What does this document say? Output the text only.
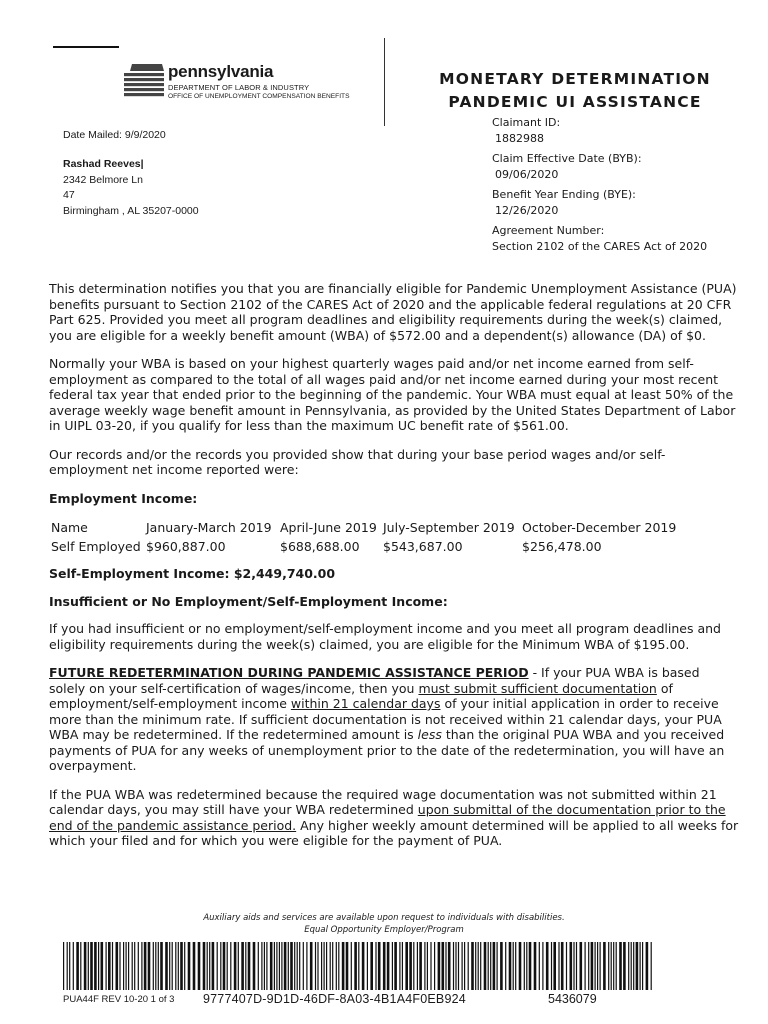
pennsylvania
DEPARTMENT OF LABOR & INDUSTRY
OFFICE OF UNEMPLOYMENT COMPENSATION BENEFITS
MONETARY DETERMINATION
PANDEMIC UI ASSISTANCE
Date Mailed: 9/9/2020
Rashad Reeves|
2342 Belmore Ln
47
Birmingham , AL 35207-0000
Claimant ID:
1882988
Claim Effective Date (BYB):
09/06/2020
Benefit Year Ending (BYE):
12/26/2020
Agreement Number:
Section 2102 of the CARES Act of 2020

This determination notifies you that you are financially eligible for Pandemic Unemployment Assistance (PUA) benefits pursuant to Section 2102 of the CARES Act of 2020 and the applicable federal regulations at 20 CFR Part 625. Provided you meet all program deadlines and eligibility requirements during the week(s) claimed, you are eligible for a weekly benefit amount (WBA) of $572.00 and a dependent(s) allowance (DA) of $0.

Normally your WBA is based on your highest quarterly wages paid and/or net income earned from self-employment as compared to the total of all wages paid and/or net income earned during your most recent federal tax year that ended prior to the beginning of the pandemic. Your WBA must equal at least 50% of the average weekly wage benefit amount in Pennsylvania, as provided by the United States Department of Labor in UIPL 03-20, if you qualify for less than the maximum UC benefit rate of $561.00.

Our records and/or the records you provided show that during your base period wages and/or self-employment net income reported were:

Employment Income:

Name	January-March 2019	April-June 2019	July-September 2019	October-December 2019
Self Employed	$960,887.00	$688,688.00	$543,687.00	$256,478.00

Self-Employment Income: $2,449,740.00

Insufficient or No Employment/Self-Employment Income:

If you had insufficient or no employment/self-employment income and you meet all program deadlines and eligibility requirements during the week(s) claimed, you are eligible for the Minimum WBA of $195.00.

FUTURE REDETERMINATION DURING PANDEMIC ASSISTANCE PERIOD - If your PUA WBA is based solely on your self-certification of wages/income, then you must submit sufficient documentation of employment/self-employment income within 21 calendar days of your initial application in order to receive more than the minimum rate. If sufficient documentation is not received within 21 calendar days, your PUA WBA may be redetermined. If the redetermined amount is less than the original PUA WBA and you received payments of PUA for any weeks of unemployment prior to the date of the redetermination, you will have an overpayment.

If the PUA WBA was redetermined because the required wage documentation was not submitted within 21 calendar days, you may still have your WBA redetermined upon submittal of the documentation prior to the end of the pandemic assistance period. Any higher weekly amount determined will be applied to all weeks for which your filed and for which you were eligible for the payment of PUA.

Auxiliary aids and services are available upon request to individuals with disabilities.
Equal Opportunity Employer/Program
PUA44F REV 10-20 1 of 3 9777407D-9D1D-46DF-8A03-4B1A4F0EB924	5436079
